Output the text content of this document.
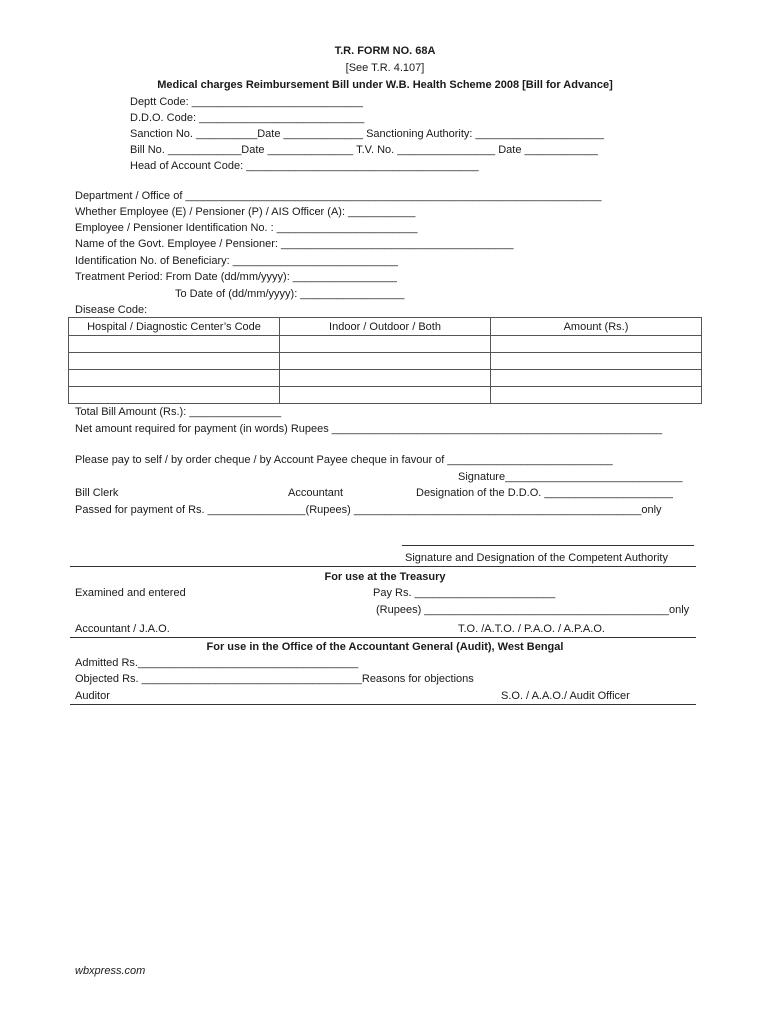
T.R. FORM NO. 68A
[See T.R. 4.107]
Medical charges Reimbursement Bill under W.B. Health Scheme 2008 [Bill for Advance]
Deptt Code: ____________________________
D.D.O. Code: ___________________________
Sanction No. __________Date _____________ Sanctioning Authority: _____________________
Bill No. ____________Date ______________ T.V. No. ________________ Date ____________
Head of Account Code: ______________________________________
Department / Office of ____________________________________________________________________
Whether Employee (E) / Pensioner (P) / AIS Officer (A): ___________
Employee / Pensioner Identification No. : _______________________
Name of the Govt. Employee / Pensioner: ______________________________________
Identification No. of Beneficiary: ___________________________
Treatment Period: From Date (dd/mm/yyyy): _________________
To Date of (dd/mm/yyyy): _________________
Disease Code:
Hospital / Diagnostic Center’s Code	Indoor / Outdoor / Both	Amount (Rs.)

Total Bill Amount (Rs.): _______________
Net amount required for payment (in words) Rupees ______________________________________________________
Please pay to self / by order cheque / by Account Payee cheque in favour of ___________________________
Signature_____________________________
Bill Clerk	Accountant	Designation of the D.D.O. _____________________
Passed for payment of Rs. ________________(Rupees) _______________________________________________only
Signature and Designation of the Competent Authority
For use at the Treasury
Examined and entered	Pay Rs. _______________________
(Rupees) ________________________________________only
Accountant / J.A.O.	T.O. /A.T.O. / P.A.O. / A.P.A.O.
For use in the Office of the Accountant General (Audit), West Bengal
Admitted Rs.____________________________________
Objected Rs. ____________________________________Reasons for objections
Auditor	S.O. / A.A.O./ Audit Officer
wbxpress.com
